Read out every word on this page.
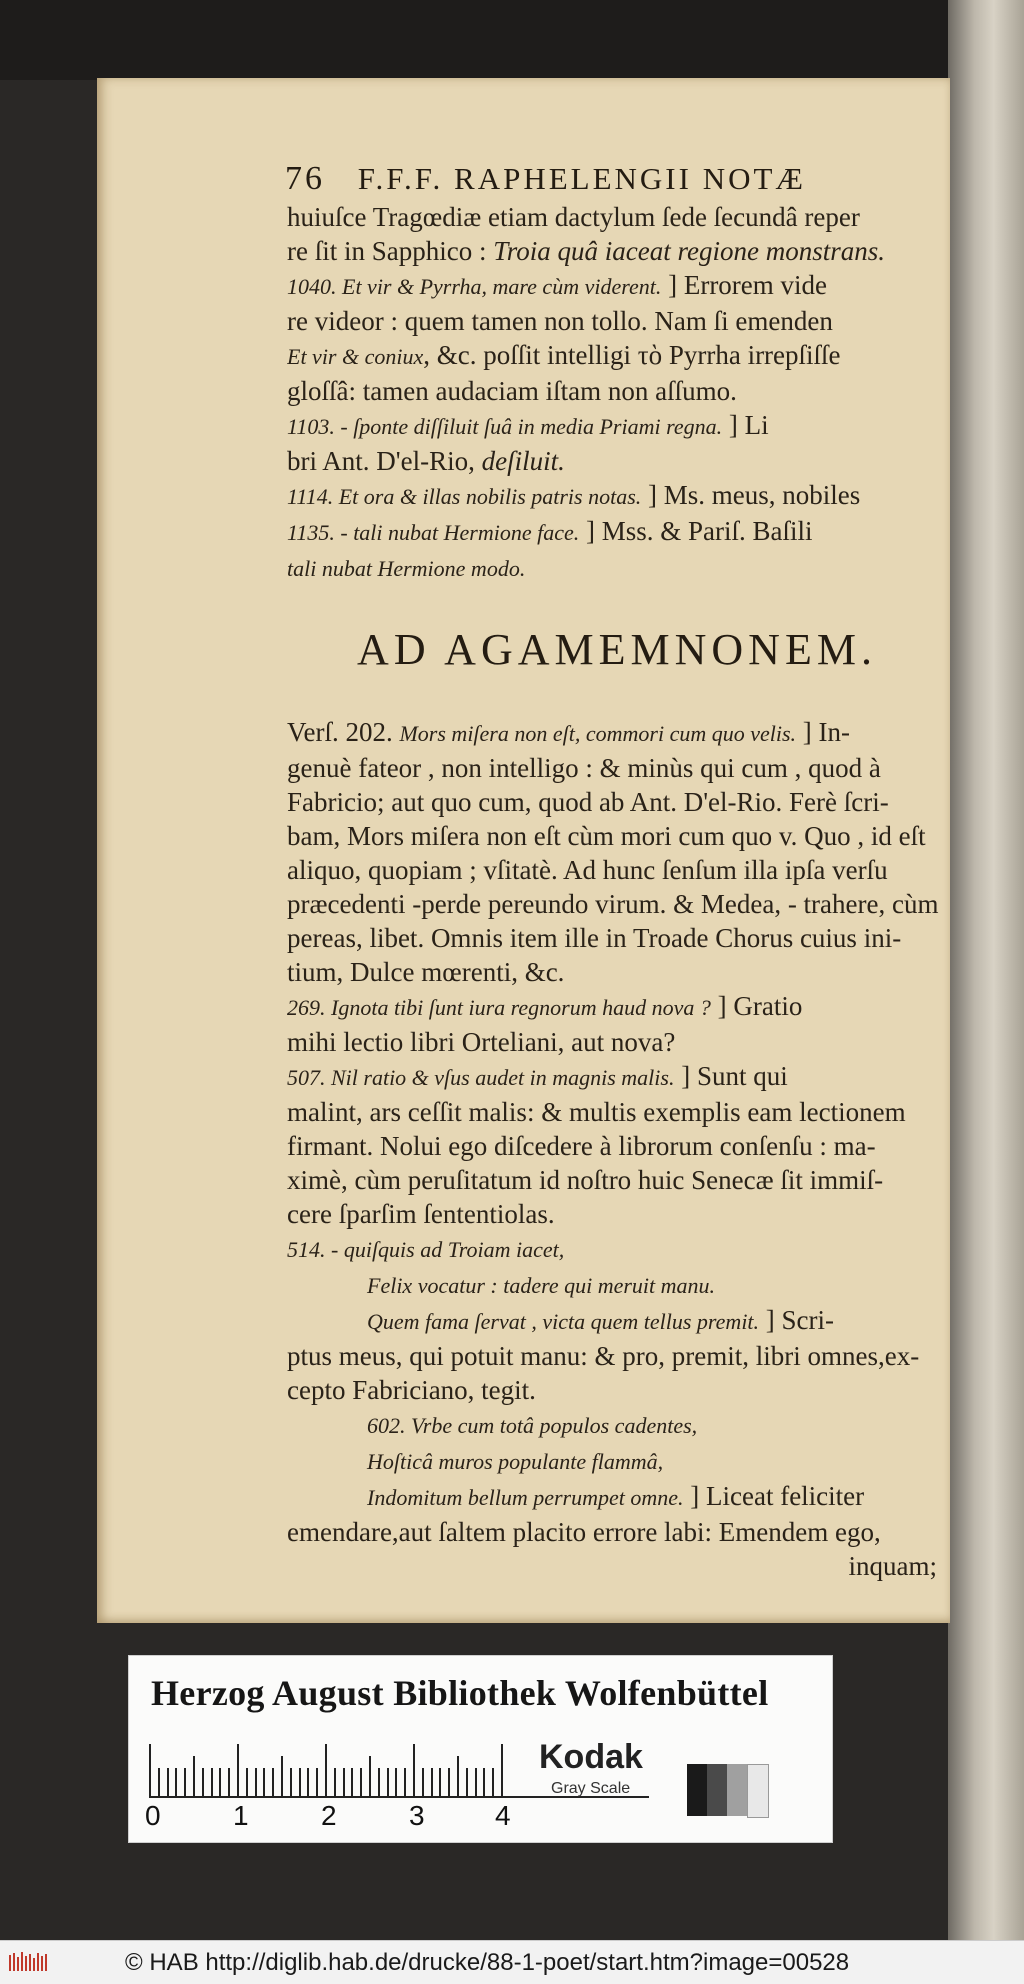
76 F.F.F. RAPHELENGII NOTÆ
huiuſce Tragœdiæ etiam dactylum ſede ſecundâ reper
re ſit in Sapphico : Troia quâ iaceat regione monstrans.
1040. Et vir & Pyrrha, mare cùm viderent. ] Errorem vide
re videor : quem tamen non tollo. Nam ſi emenden
Et vir & coniux, &c. poſſit intelligi τὸ Pyrrha irrepſiſſe
gloſſâ: tamen audaciam iſtam non aſſumo.
1103. - ſponte diſſiluit ſuâ in media Priami regna. ] Li
bri Ant. D'el-Rio, deſiluit.
1114. Et ora & illas nobilis patris notas. ] Ms. meus, nobiles
1135. - tali nubat Hermione face. ] Mss. & Pariſ. Baſili
tali nubat Hermione modo.
AD AGAMEMNONEM.
Verſ. 202. Mors miſera non eſt, commori cum quo velis. ] In-
genuè fateor , non intelligo : & minùs qui cum , quod à
Fabricio; aut quo cum, quod ab Ant. D'el-Rio. Ferè ſcri-
bam, Mors miſera non eſt cùm mori cum quo v. Quo , id eſt
aliquo, quopiam ; vſitatè. Ad hunc ſenſum illa ipſa verſu
præcedenti -perde pereundo virum. & Medea, - trahere, cùm
pereas, libet. Omnis item ille in Troade Chorus cuius ini-
tium, Dulce mœrenti, &c.
269. Ignota tibi ſunt iura regnorum haud nova ? ] Gratio
mihi lectio libri Orteliani, aut nova?
507. Nil ratio & vſus audet in magnis malis. ] Sunt qui
malint, ars ceſſit malis: & multis exemplis eam lectionem
firmant. Nolui ego diſcedere à librorum conſenſu : ma-
ximè, cùm peruſitatum id noſtro huic Senecæ ſit immiſ-
cere ſparſim ſententiolas.
514. - quiſquis ad Troiam iacet,
Felix vocatur : tadere qui meruit manu.
Quem fama ſervat , victa quem tellus premit. ] Scri-
ptus meus, qui potuit manu: & pro, premit, libri omnes,ex-
cepto Fabriciano, tegit.
602. Vrbe cum totâ populos cadentes,
Hoſticâ muros populante flammâ,
Indomitum bellum perrumpet omne. ] Liceat feliciter
emendare,aut ſaltem placito errore labi: Emendem ego,
inquam;
Herzog August Bibliothek Wolfenbüttel
0	1	2	3	4
Kodak
Gray Scale
© HAB http://diglib.hab.de/drucke/88-1-poet/start.htm?image=00528
